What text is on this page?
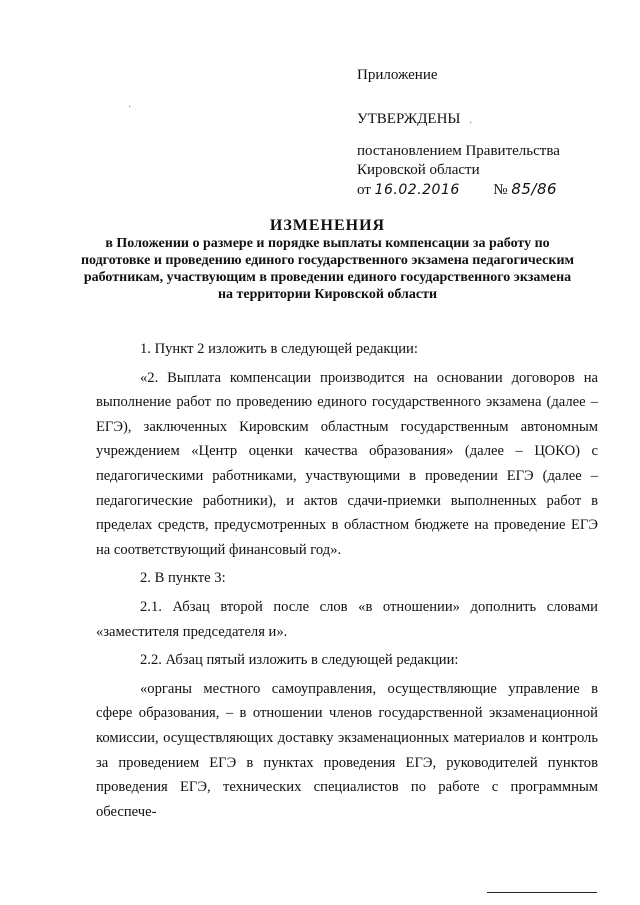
Приложение
УТВЕРЖДЕНЫ
постановлением Правительства
Кировской области
от 16.02.2016 № 85/86
·
·
ИЗМЕНЕНИЯ
в Положении о размере и порядке выплаты компенсации за работу по подготовке и проведению единого государственного экзамена педагогическим работникам, участвующим в проведении единого государственного экзамена на территории Кировской области

1. Пункт 2 изложить в следующей редакции:

«2. Выплата компенсации производится на основании договоров на выполнение работ по проведению единого государственного экзамена (далее – ЕГЭ), заключенных Кировским областным государственным автономным учреждением «Центр оценки качества образования» (далее – ЦОКО) с педагогическими работниками, участвующими в проведении ЕГЭ (далее – педагогические работники), и актов сдачи-приемки выполненных работ в пределах средств, предусмотренных в областном бюджете на проведение ЕГЭ на соответствующий финансовый год».

2. В пункте 3:

2.1. Абзац второй после слов «в отношении» дополнить словами «заместителя председателя и».

2.2. Абзац пятый изложить в следующей редакции:

«органы местного самоуправления, осуществляющие управление в сфере образования, – в отношении членов государственной экзаменационной комиссии, осуществляющих доставку экзаменационных материалов и контроль за проведением ЕГЭ в пунктах проведения ЕГЭ, руководителей пунктов проведения ЕГЭ, технических специалистов по работе с программным обеспече-
